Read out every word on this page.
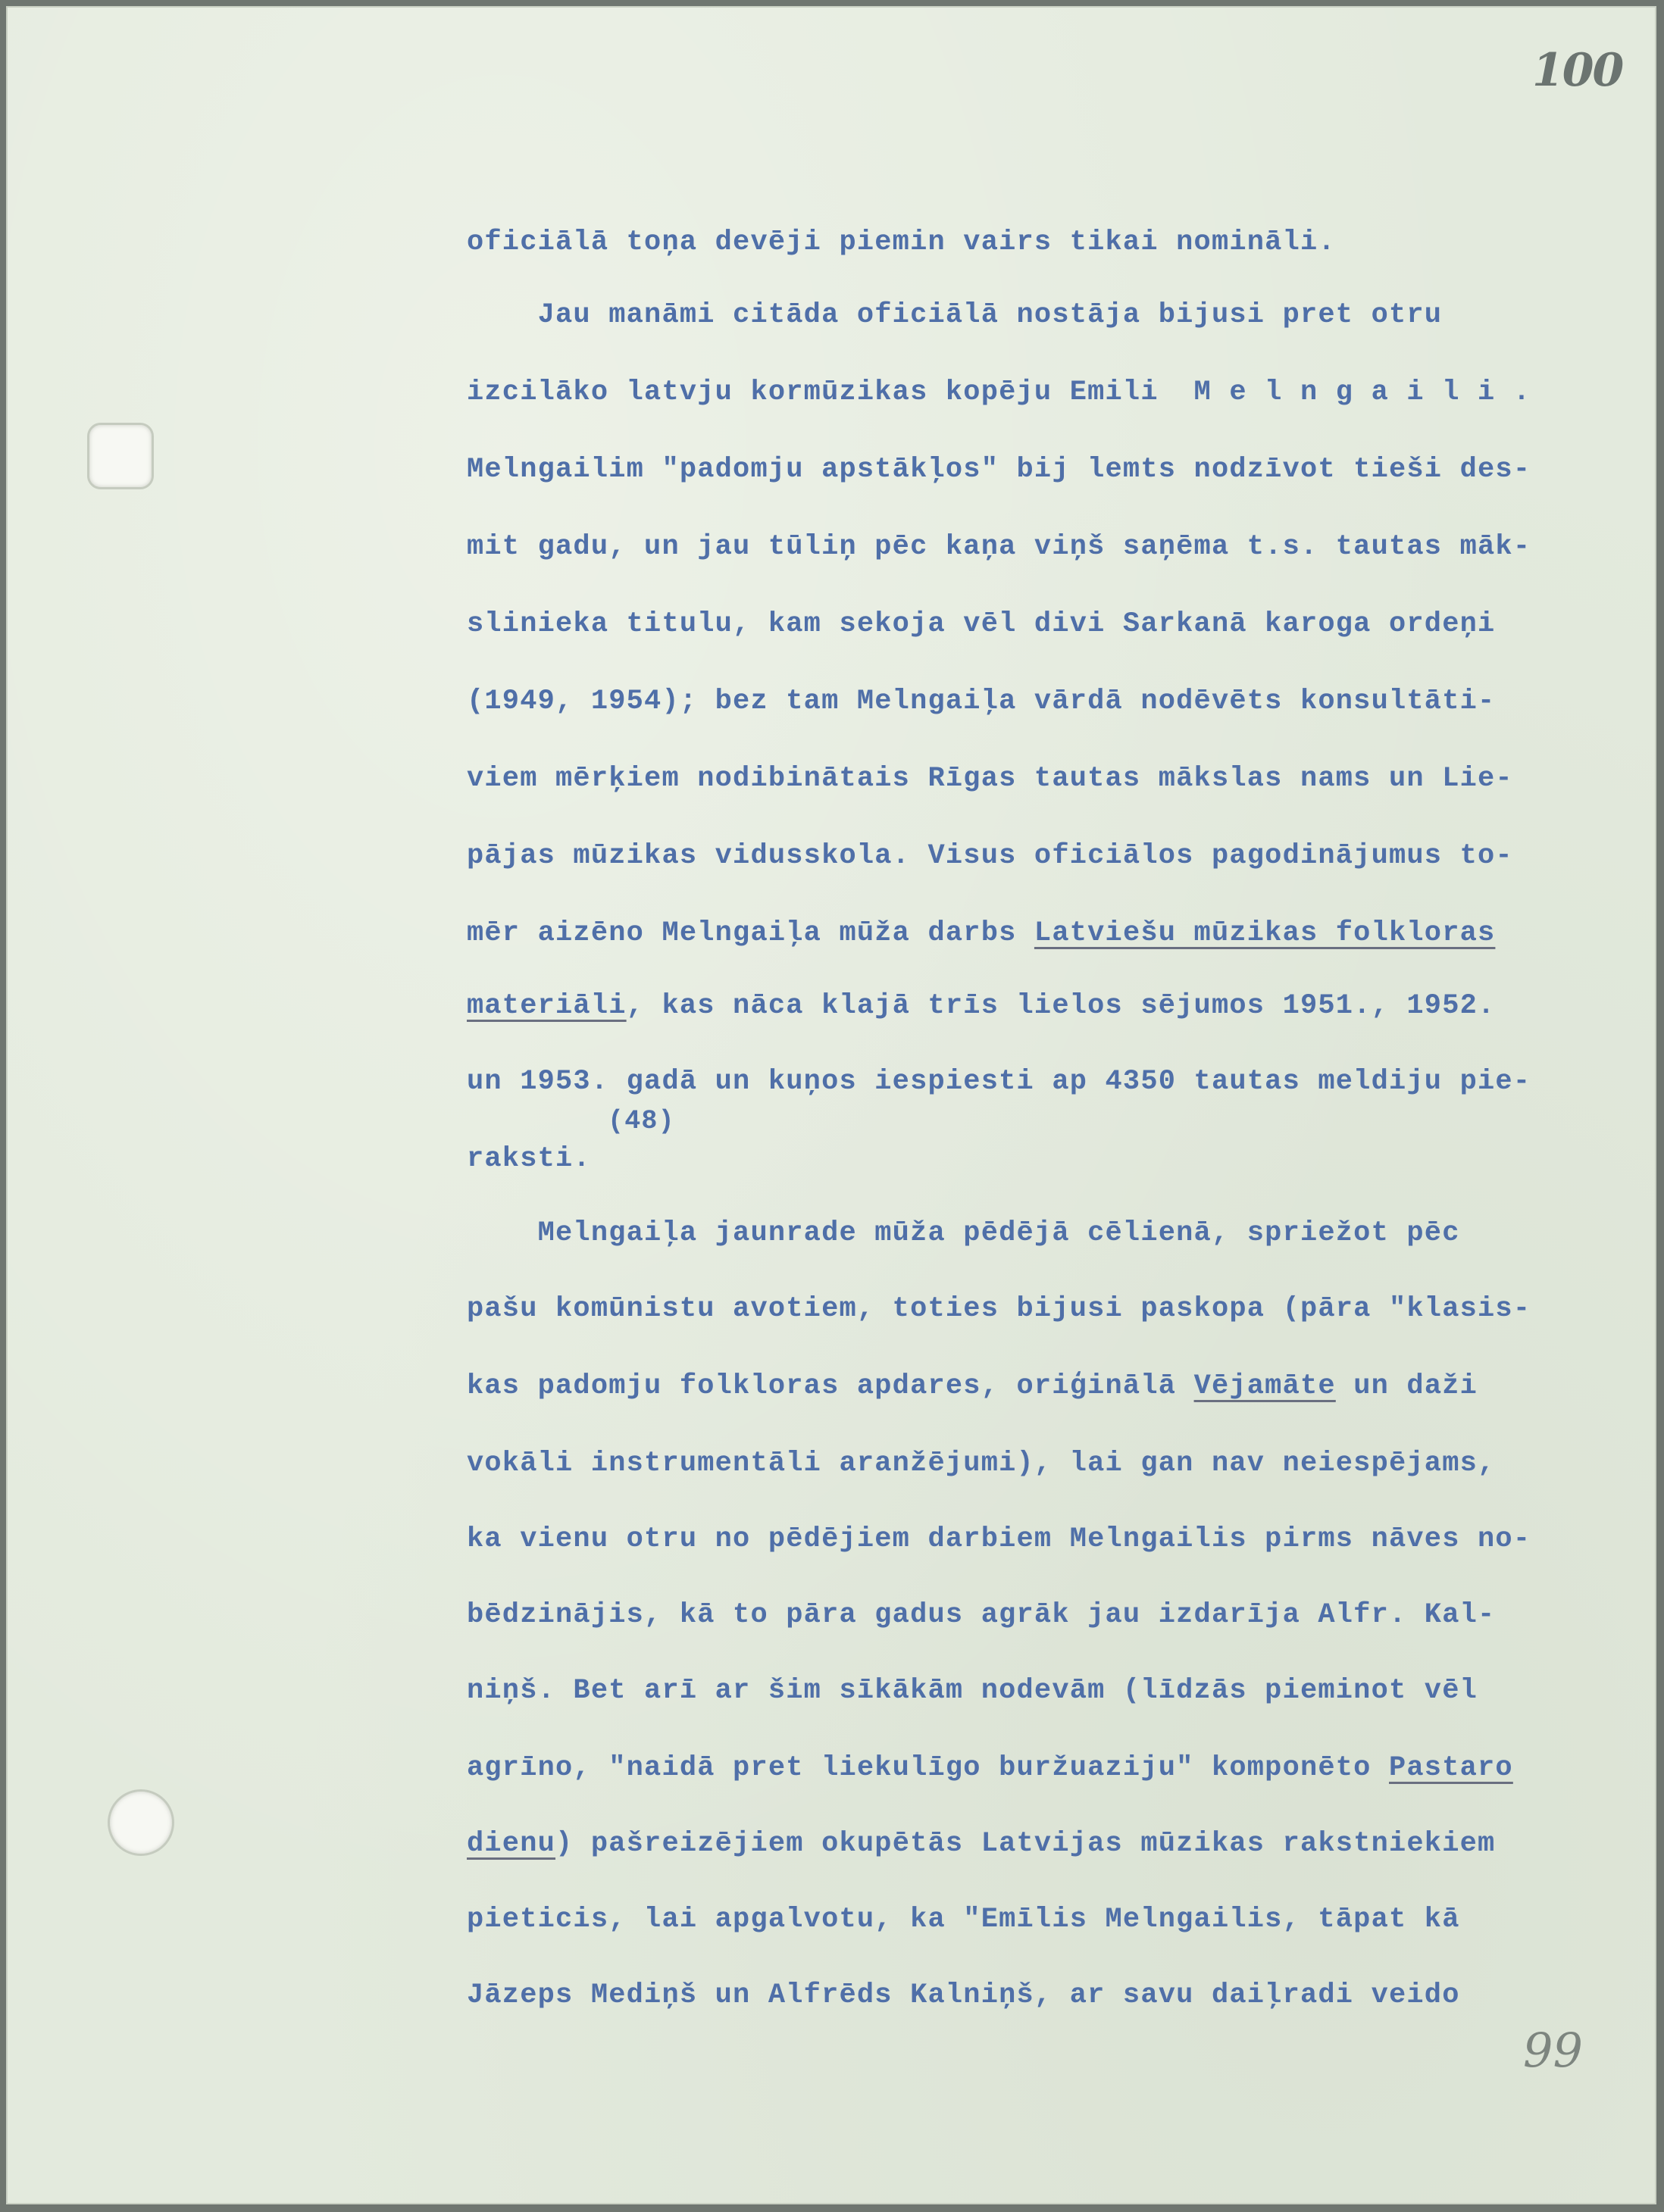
100
99

oficiālā toņa devēji piemin vairs tikai nomināli.

Jau manāmi citāda oficiālā nostāja bijusi pret otru

izcilāko latvju kormūzikas kopēju Emili  M e l n g a i l i .

Melngailim "padomju apstākļos" bij lemts nodzīvot tieši des-

mit gadu, un jau tūliņ pēc kaņa viņš saņēma t.s. tautas māk-

slinieka titulu, kam sekoja vēl divi Sarkanā karoga ordeņi

(1949, 1954); bez tam Melngaiļa vārdā nodēvēts konsultāti-

viem mērķiem nodibinātais Rīgas tautas mākslas nams un Lie-

pājas mūzikas vidusskola. Visus oficiālos pagodinājumus to-

mēr aizēno Melngaiļa mūža darbs Latviešu mūzikas folkloras

materiāli, kas nāca klajā trīs lielos sējumos 1951., 1952.

un 1953. gadā un kuņos iespiesti ap 4350 tautas meldiju pie-

(48)

raksti.

Melngaiļa jaunrade mūža pēdējā cēlienā, spriežot pēc

pašu komūnistu avotiem, toties bijusi paskopa (pāra "klasis-

kas padomju folkloras apdares, oriģinālā Vējamāte un daži

vokāli instrumentāli aranžējumi), lai gan nav neiespējams,

ka vienu otru no pēdējiem darbiem Melngailis pirms nāves no-

bēdzinājis, kā to pāra gadus agrāk jau izdarīja Alfr. Kal-

niņš. Bet arī ar šim sīkākām nodevām (līdzās pieminot vēl

agrīno, "naidā pret liekulīgo buržuaziju" komponēto Pastaro

dienu) pašreizējiem okupētās Latvijas mūzikas rakstniekiem

pieticis, lai apgalvotu, ka "Emīlis Melngailis, tāpat kā

Jāzeps Mediņš un Alfrēds Kalniņš, ar savu daiļradi veido
